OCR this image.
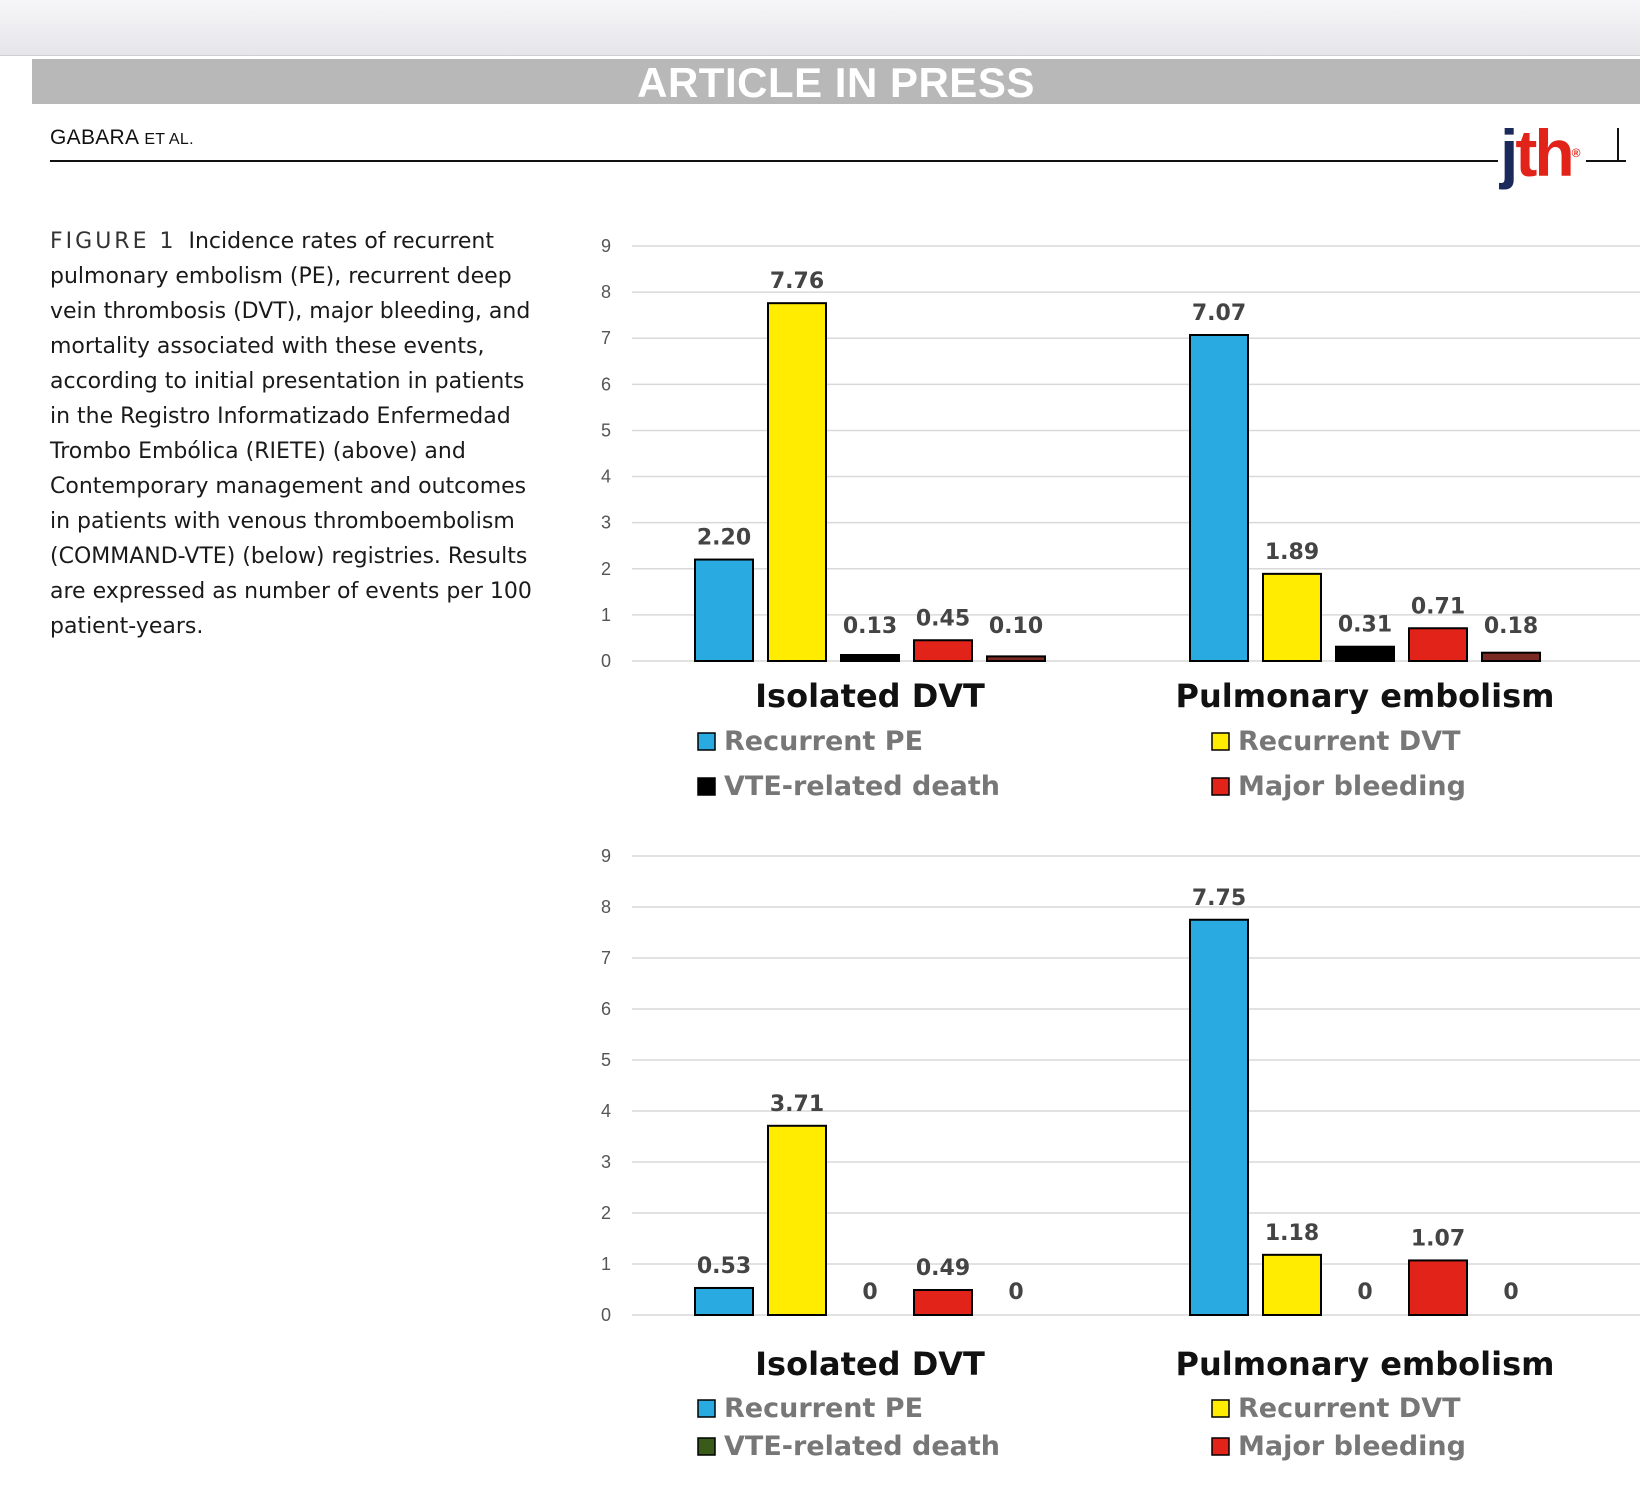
ARTICLE IN PRESS
GABARA ET AL.	jth®
FIGURE 1 Incidence rates of recurrent pulmonary embolism (PE), recurrent deep vein thrombosis (DVT), major bleeding, and mortality associated with these events, according to initial presentation in patients in the Registro Informatizado Enfermedad Trombo Embólica (RIETE) (above) and Contemporary management and outcomes in patients with venous thromboembolism (COMMAND-VTE) (below) registries. Results are expressed as number of events per 100 patient-years.
0
1
2
3
4
5
6
7
8
9
2.20
7.76
0.13 0.45 0.10
Isolated DVT
7.07
1.89
0.31
0.71
0.18
Pulmonary embolism
Recurrent PE	Recurrent DVT
VTE-related death	Major bleeding
0
1
2
3
4
5
6
7
8
9
0.53
3.71
0
0.49
0
Isolated DVT
7.75
1.18
0
1.07
0
Pulmonary embolism
Recurrent PE	Recurrent DVT
VTE-related death	Major bleeding
